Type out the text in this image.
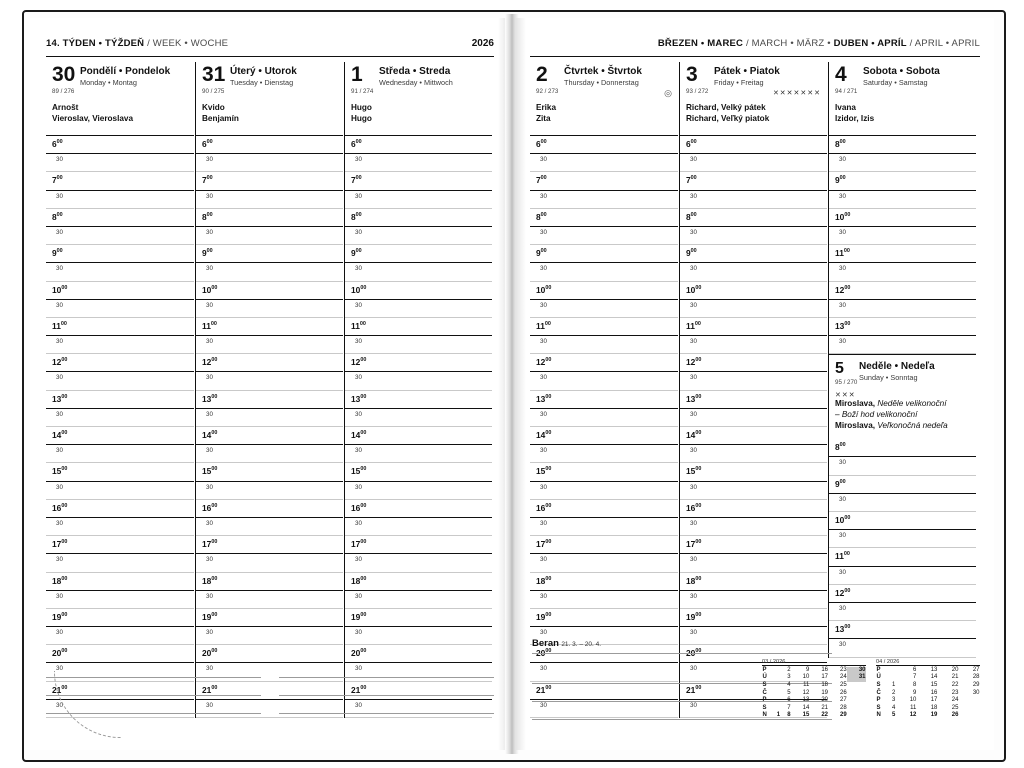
14. TÝDEN • TÝŽDEŇ / WEEK • WOCHE	2026
30 Pondělí • Pondelok
Monday • Montag
89 / 276
Arnošt
Vieroslav, Vieroslava
$6^{00}$
30
$7^{00}$
30
$8^{00}$
30
$9^{00}$
30
$10^{00}$
30
$11^{00}$
30
$12^{00}$
30
$13^{00}$
30
$14^{00}$
30
$15^{00}$
30
$16^{00}$
30
$17^{00}$
30
$18^{00}$
30
$19^{00}$
30
$20^{00}$
30
$21^{00}$
30
31 Úterý • Utorok
Tuesday • Dienstag
90 / 275
Kvido
Benjamín
$6^{00}$
30
$7^{00}$
30
$8^{00}$
30
$9^{00}$
30
$10^{00}$
30
$11^{00}$
30
$12^{00}$
30
$13^{00}$
30
$14^{00}$
30
$15^{00}$
30
$16^{00}$
30
$17^{00}$
30
$18^{00}$
30
$19^{00}$
30
$20^{00}$
30
$21^{00}$
30
1 Středa • Streda
Wednesday • Mittwoch
91 / 274
Hugo
Hugo
$6^{00}$
30
$7^{00}$
30
$8^{00}$
30
$9^{00}$
30
$10^{00}$
30
$11^{00}$
30
$12^{00}$
30
$13^{00}$
30
$14^{00}$
30
$15^{00}$
30
$16^{00}$
30
$17^{00}$
30
$18^{00}$
30
$19^{00}$
30
$20^{00}$
30
$21^{00}$
30
BŘEZEN • MAREC / MARCH • MÄRZ • DUBEN • APRÍL / APRIL • APRIL
2 Čtvrtek • Štvrtok
Thursday • Donnerstag
92 / 273	◎
Erika
Zita
$6^{00}$
30
$7^{00}$
30
$8^{00}$
30
$9^{00}$
30
$10^{00}$
30
$11^{00}$
30
$12^{00}$
30
$13^{00}$
30
$14^{00}$
30
$15^{00}$
30
$16^{00}$
30
$17^{00}$
30
$18^{00}$
30
$19^{00}$
30
$20^{00}$
30
$21^{00}$
30
3 Pátek • Piatok
Friday • Freitag
93 / 272	✕✕✕✕✕✕✕
Richard, Velký pátek
Richard, Veľký piatok
$6^{00}$
30
$7^{00}$
30
$8^{00}$
30
$9^{00}$
30
$10^{00}$
30
$11^{00}$
30
$12^{00}$
30
$13^{00}$
30
$14^{00}$
30
$15^{00}$
30
$16^{00}$
30
$17^{00}$
30
$18^{00}$
30
$19^{00}$
30
$20^{00}$
30
$21^{00}$
30
4 Sobota • Sobota
Saturday • Samstag
94 / 271
Ivana
Izidor, Izis
$8^{00}$
30
$9^{00}$
30
$10^{00}$
30
$11^{00}$
30
$12^{00}$
30
$13^{00}$
30
5 Neděle • Nedeľa
Sunday • Sonntag
95 / 270
✕✕✕
Miroslava, Neděle velikonoční
– Boží hod velikonoční
Miroslava, Veľkonočná nedeľa
$8^{00}$
30
$9^{00}$
30
$10^{00}$
30
$11^{00}$
30
$12^{00}$
30
$13^{00}$
30
Beran 21. 3. – 20. 4.
03 / 2026
P		2	9	16	23	30
Ú		3	10	17	24	31
S		4	11	18	25	
Č		5	12	19	26	
P		6	13	20	27	
S		7	14	21	28	
N	1	8	15	22	29	
04 / 2026
P		6	13	20	27
Ú		7	14	21	28
S	1	8	15	22	29
Č	2	9	16	23	30
P	3	10	17	24	
S	4	11	18	25	
N	5	12	19	26	
